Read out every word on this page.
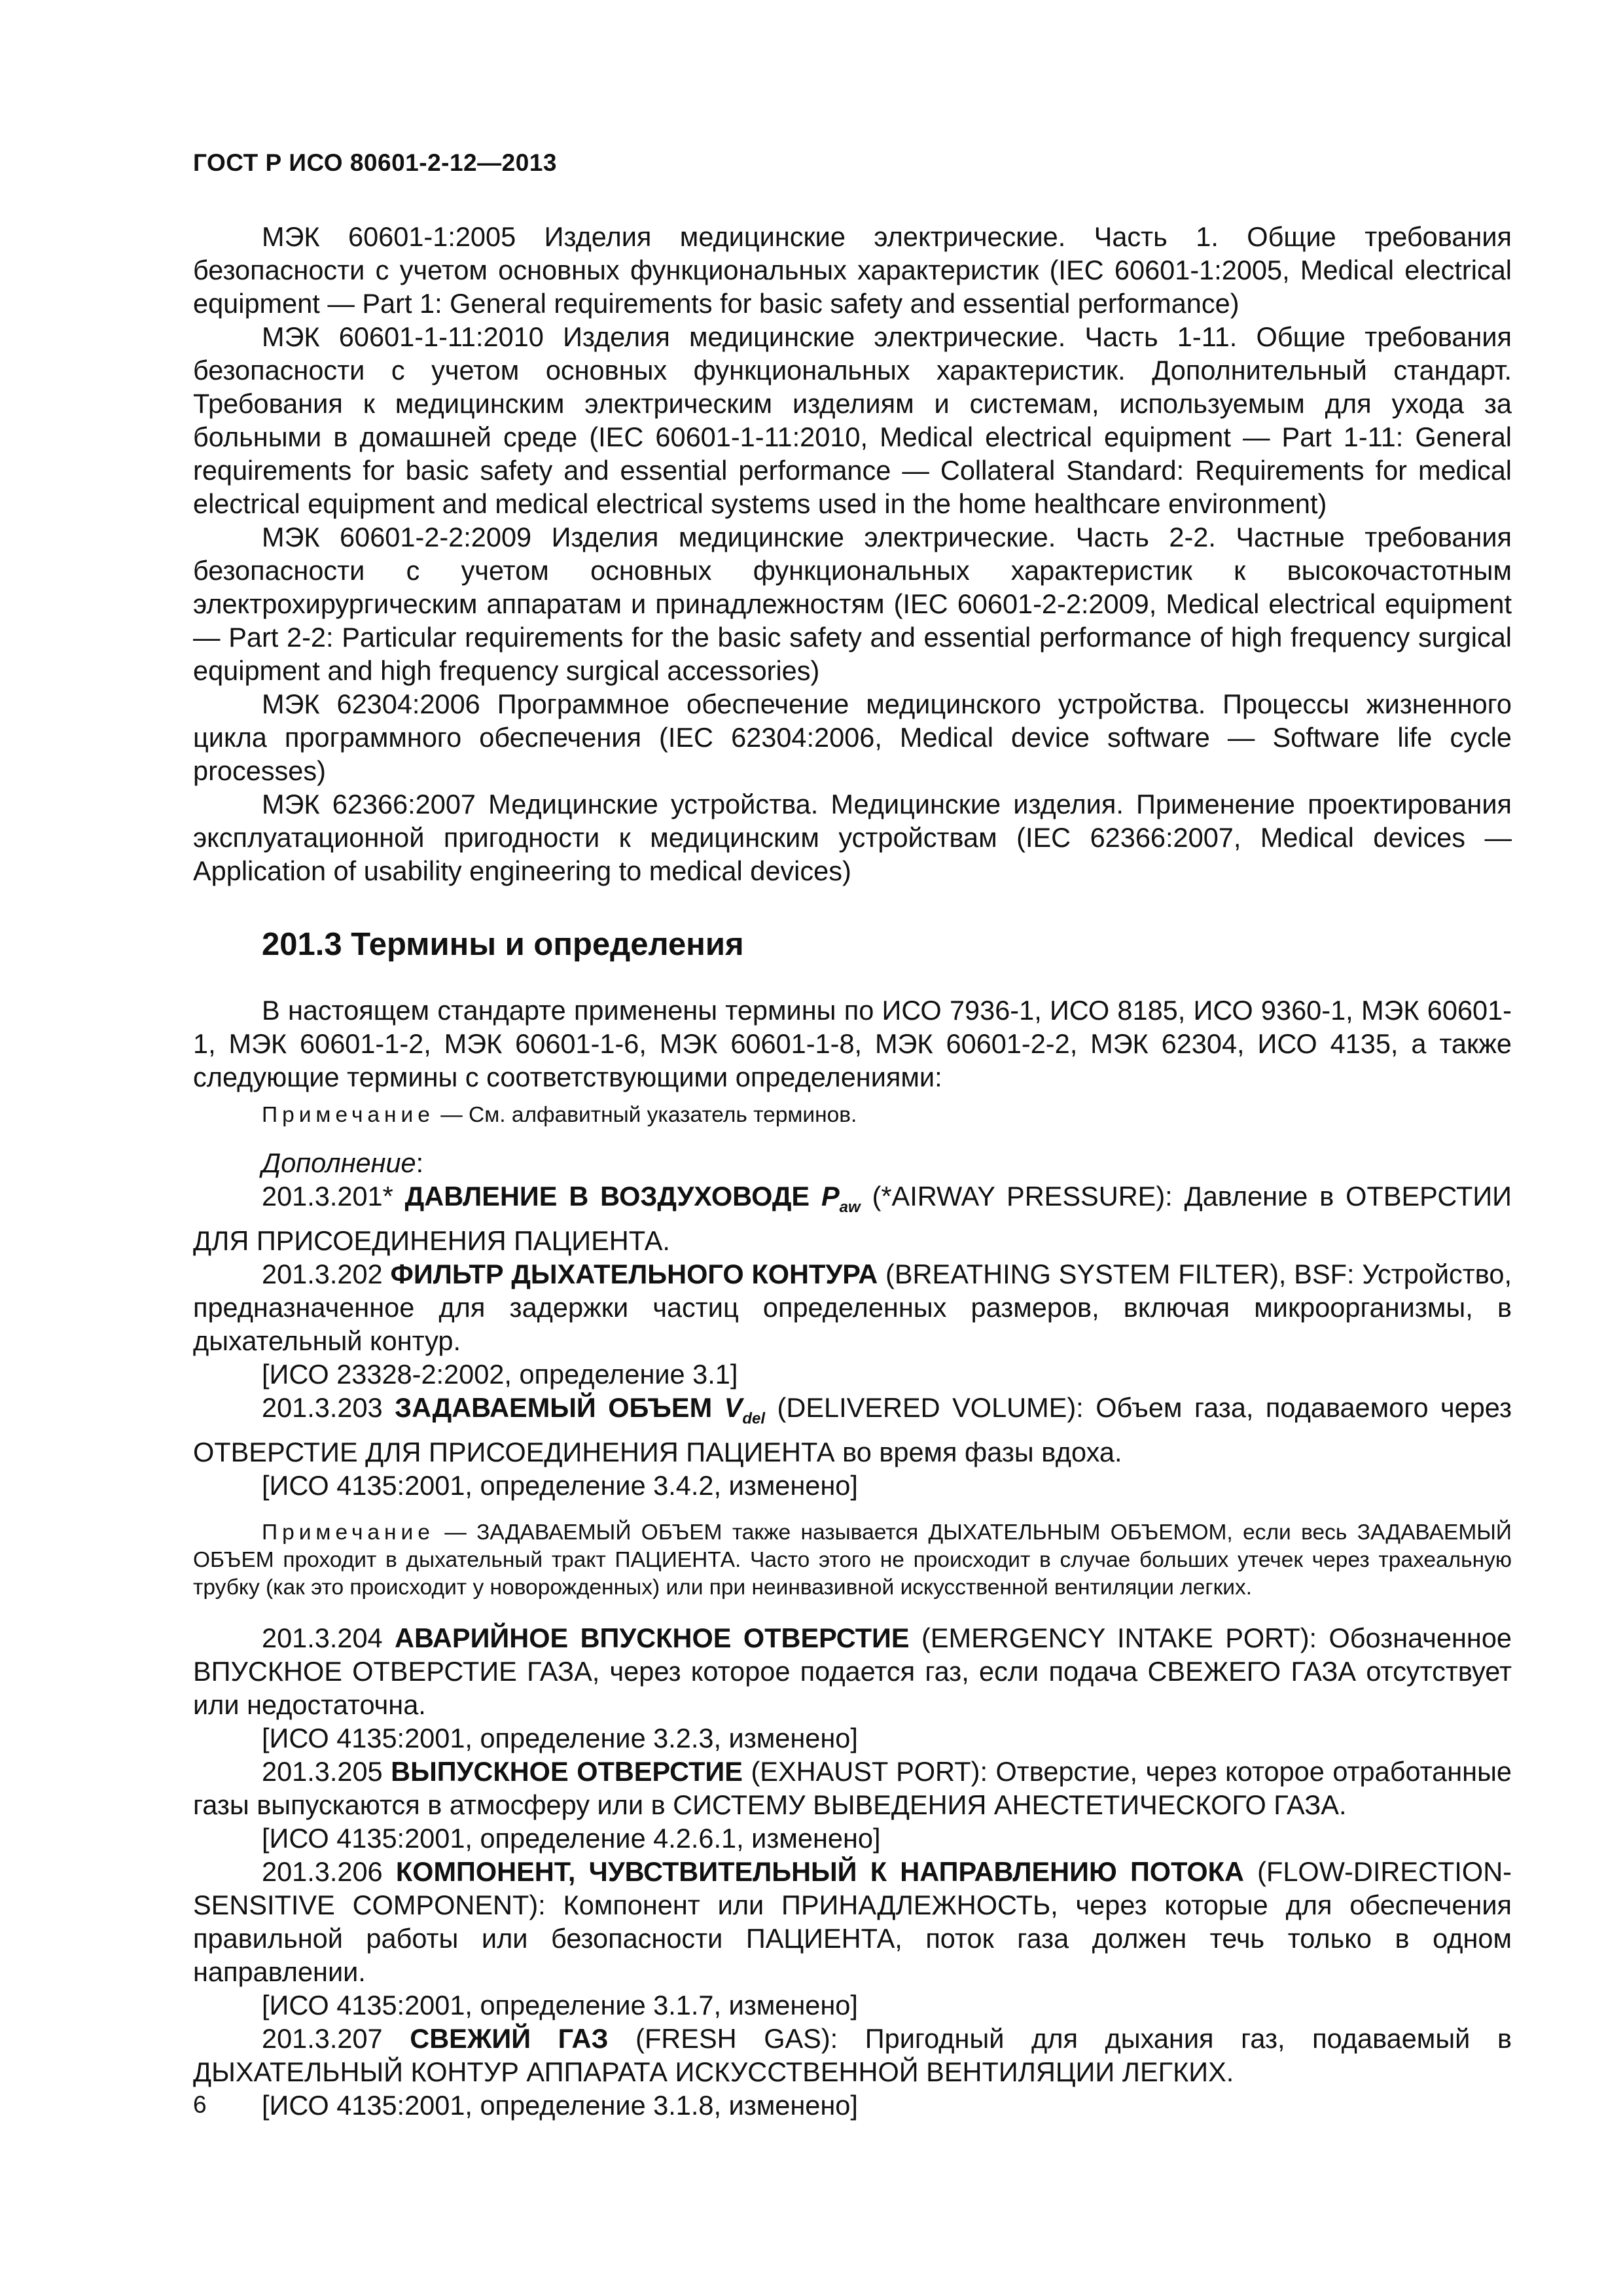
ГОСТ Р ИСО 80601-2-12—2013

МЭК 60601-1:2005 Изделия медицинские электрические. Часть 1. Общие требования безопасности с учетом основных функциональных характеристик (IEC 60601-1:2005, Medical electrical equipment — Part 1: General requirements for basic safety and essential performance)

МЭК 60601-1-11:2010 Изделия медицинские электрические. Часть 1-11. Общие требования безопасности с учетом основных функциональных характеристик. Дополнительный стандарт. Требования к медицинским электрическим изделиям и системам, используемым для ухода за больными в домашней среде (IEC 60601-1-11:2010, Medical electrical equipment — Part 1-11: General requirements for basic safety and essential performance — Collateral Standard: Requirements for medical electrical equipment and medical electrical systems used in the home healthcare environment)

МЭК 60601-2-2:2009 Изделия медицинские электрические. Часть 2-2. Частные требования безопасности с учетом основных функциональных характеристик к высокочастотным электрохирургическим аппаратам и принадлежностям (IEC 60601-2-2:2009, Medical electrical equipment — Part 2-2: Particular requirements for the basic safety and essential performance of high frequency surgical equipment and high frequency surgical accessories)

МЭК 62304:2006 Программное обеспечение медицинского устройства. Процессы жизненного цикла программного обеспечения (IEC 62304:2006, Medical device software — Software life cycle processes)

МЭК 62366:2007 Медицинские устройства. Медицинские изделия. Применение проектирования эксплуатационной пригодности к медицинским устройствам (IEC 62366:2007, Medical devices — Application of usability engineering to medical devices)

201.3 Термины и определения

В настоящем стандарте применены термины по ИСО 7936-1, ИСО 8185, ИСО 9360-1, МЭК 60601-1, МЭК 60601-1-2, МЭК 60601-1-6, МЭК 60601-1-8, МЭК 60601-2-2, МЭК 62304, ИСО 4135, а также следующие термины с соответствующими определениями:

Примечание — См. алфавитный указатель терминов.

Дополнение:

201.3.201* ДАВЛЕНИЕ В ВОЗДУХОВОДЕ $P_{aw}$ (*AIRWAY PRESSURE): Давление в ОТВЕРСТИИ ДЛЯ ПРИСОЕДИНЕНИЯ ПАЦИЕНТА.

201.3.202 ФИЛЬТР ДЫХАТЕЛЬНОГО КОНТУРА (BREATHING SYSTEM FILTER), BSF: Устройство, предназначенное для задержки частиц определенных размеров, включая микроорганизмы, в дыхательный контур.

[ИСО 23328-2:2002, определение 3.1]

201.3.203 ЗАДАВАЕМЫЙ ОБЪЕМ $V_{del}$ (DELIVERED VOLUME): Объем газа, подаваемого через ОТВЕРСТИЕ ДЛЯ ПРИСОЕДИНЕНИЯ ПАЦИЕНТА во время фазы вдоха.

[ИСО 4135:2001, определение 3.4.2, изменено]

Примечание — ЗАДАВАЕМЫЙ ОБЪЕМ также называется ДЫХАТЕЛЬНЫМ ОБЪЕМОМ, если весь ЗАДАВАЕМЫЙ ОБЪЕМ проходит в дыхательный тракт ПАЦИЕНТА. Часто этого не происходит в случае больших утечек через трахеальную трубку (как это происходит у новорожденных) или при неинвазивной искусственной вентиляции легких.

201.3.204 АВАРИЙНОЕ ВПУСКНОЕ ОТВЕРСТИЕ (EMERGENCY INTAKE PORT): Обозначенное ВПУСКНОЕ ОТВЕРСТИЕ ГАЗА, через которое подается газ, если подача СВЕЖЕГО ГАЗА отсутствует или недостаточна.

[ИСО 4135:2001, определение 3.2.3, изменено]

201.3.205 ВЫПУСКНОЕ ОТВЕРСТИЕ (EXHAUST PORT): Отверстие, через которое отработанные газы выпускаются в атмосферу или в СИСТЕМУ ВЫВЕДЕНИЯ АНЕСТЕТИЧЕСКОГО ГАЗА.

[ИСО 4135:2001, определение 4.2.6.1, изменено]

201.3.206 КОМПОНЕНТ, ЧУВСТВИТЕЛЬНЫЙ К НАПРАВЛЕНИЮ ПОТОКА (FLOW-DIRECTION-SENSITIVE COMPONENT): Компонент или ПРИНАДЛЕЖНОСТЬ, через которые для обеспечения правильной работы или безопасности ПАЦИЕНТА, поток газа должен течь только в одном направлении.

[ИСО 4135:2001, определение 3.1.7, изменено]

201.3.207 СВЕЖИЙ ГАЗ (FRESH GAS): Пригодный для дыхания газ, подаваемый в ДЫХАТЕЛЬНЫЙ КОНТУР АППАРАТА ИСКУССТВЕННОЙ ВЕНТИЛЯЦИИ ЛЕГКИХ.

[ИСО 4135:2001, определение 3.1.8, изменено]

6
